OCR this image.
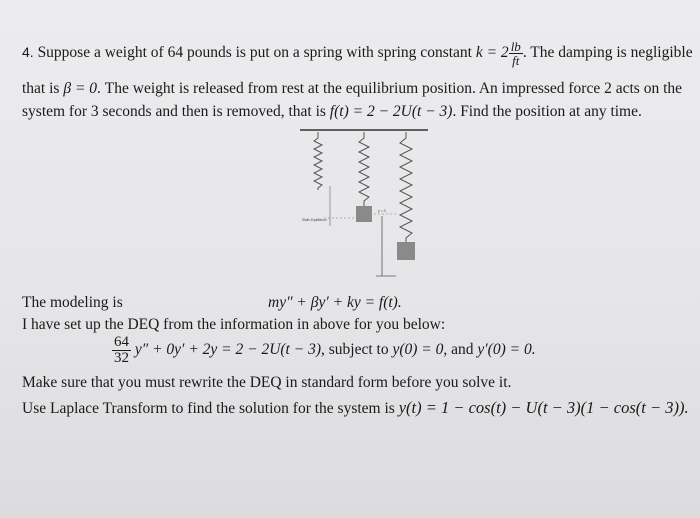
4. Suppose a weight of 64 pounds is put on a spring with spring constant $k = 2 \frac{lb}{ft}$ . The damping is negligible
that is β = 0. The weight is released from rest at the equilibrium position. An impressed force 2 acts on the
system for 3 seconds and then is removed, that is f(t) = 2 − 2U(t − 3). Find the position at any time.
Static Equilibrium
y = 0
The modeling is	my″ + βy′ + ky = f(t).
I have set up the DEQ from the information in above for you below:
$\frac{64}{32} y'' + 0y' + 2y = 2 - 2U(t - 3)$, subject to y(0) = 0, and y′(0) = 0.
Make sure that you must rewrite the DEQ in standard form before you solve it.
Use Laplace Transform to find the solution for the system is y(t) = 1 − cos(t) − U(t − 3)(1 − cos(t − 3)).
